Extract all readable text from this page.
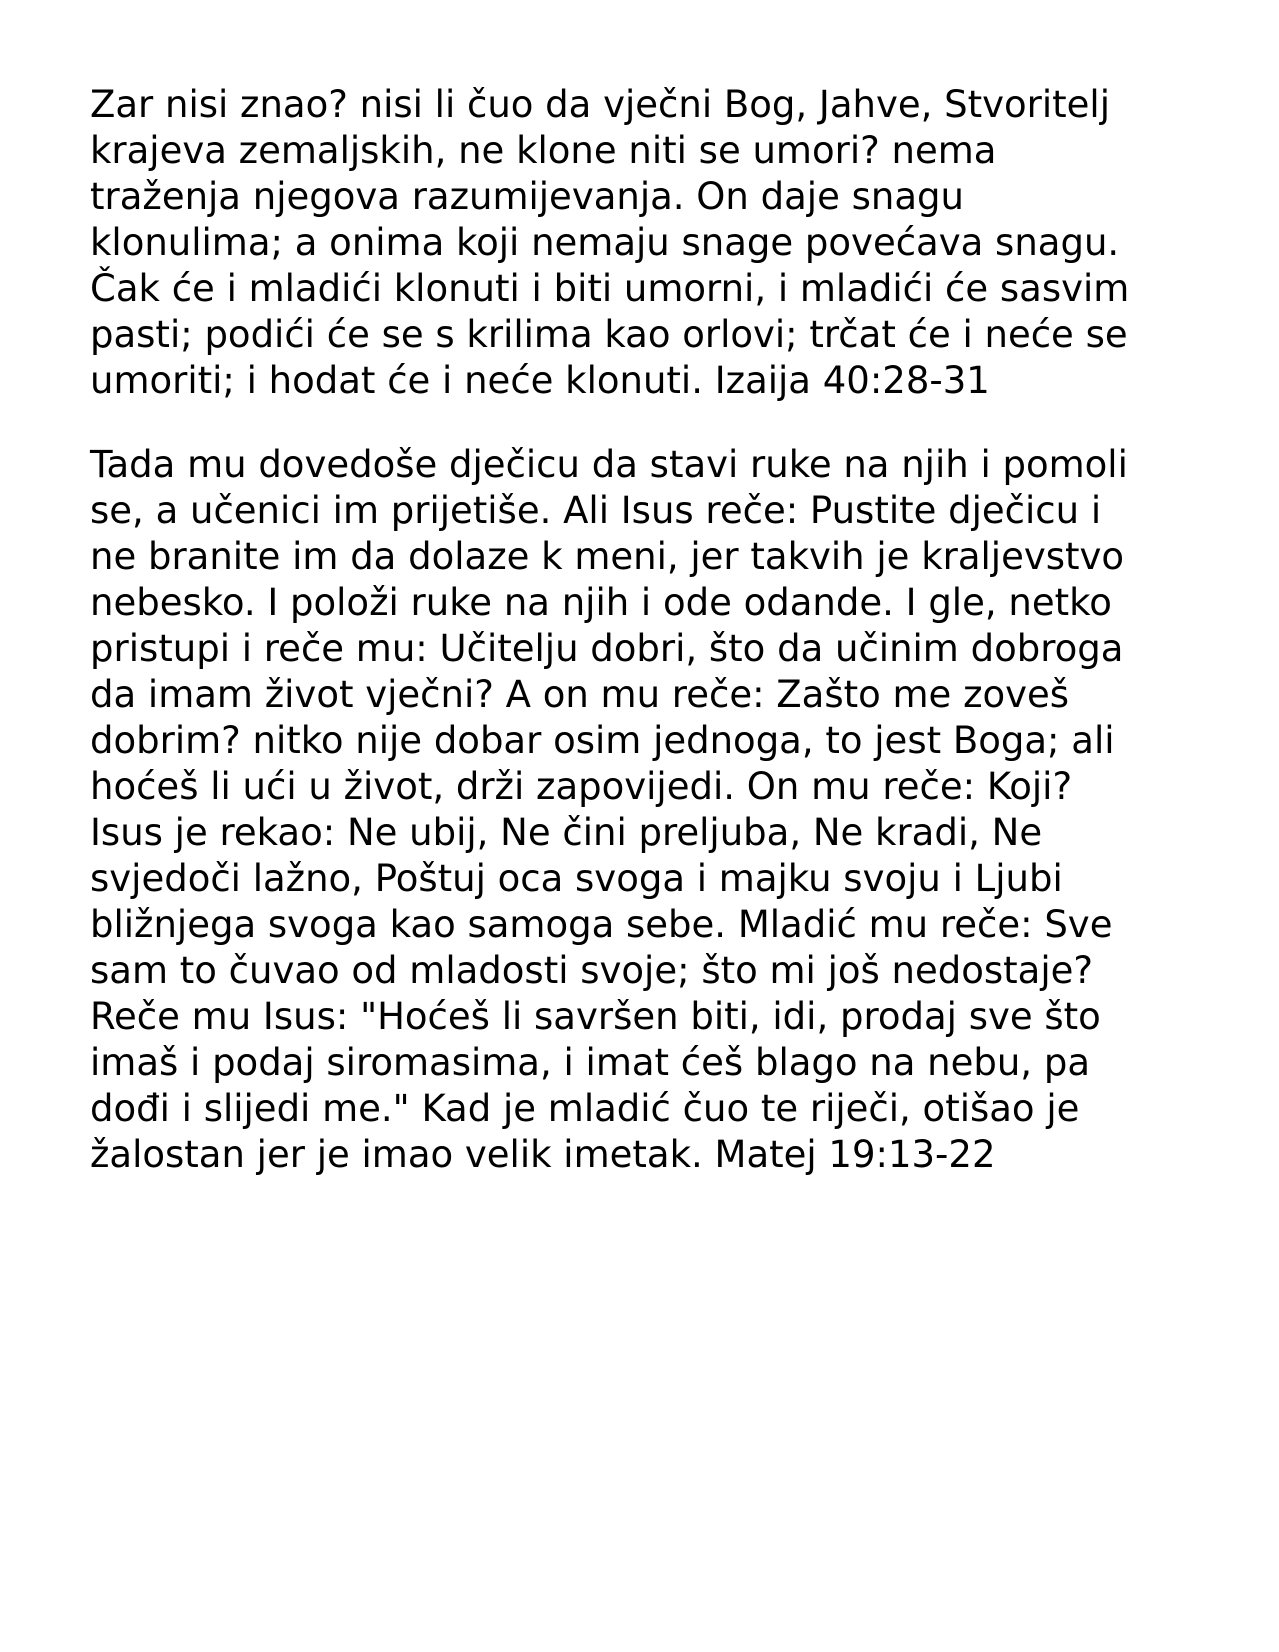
Zar nisi znao? nisi li čuo da vječni Bog, Jahve, Stvoritelj
krajeva zemaljskih, ne klone niti se umori? nema
traženja njegova razumijevanja. On daje snagu
klonulima; a onima koji nemaju snage povećava snagu.
Čak će i mladići klonuti i biti umorni, i mladići će sasvim
pasti; podići će se s krilima kao orlovi; trčat će i neće se
umoriti; i hodat će i neće klonuti. Izaija 40:28-31

Tada mu dovedoše dječicu da stavi ruke na njih i pomoli
se, a učenici im prijetiše. Ali Isus reče: Pustite dječicu i
ne branite im da dolaze k meni, jer takvih je kraljevstvo
nebesko. I položi ruke na njih i ode odande. I gle, netko
pristupi i reče mu: Učitelju dobri, što da učinim dobroga
da imam život vječni? A on mu reče: Zašto me zoveš
dobrim? nitko nije dobar osim jednoga, to jest Boga; ali
hoćeš li ući u život, drži zapovijedi. On mu reče: Koji?
Isus je rekao: Ne ubij, Ne čini preljuba, Ne kradi, Ne
svjedoči lažno, Poštuj oca svoga i majku svoju i Ljubi
bližnjega svoga kao samoga sebe. Mladić mu reče: Sve
sam to čuvao od mladosti svoje; što mi još nedostaje?
Reče mu Isus: "Hoćeš li savršen biti, idi, prodaj sve što
imaš i podaj siromasima, i imat ćeš blago na nebu, pa
dođi i slijedi me." Kad je mladić čuo te riječi, otišao je
žalostan jer je imao velik imetak. Matej 19:13-22
